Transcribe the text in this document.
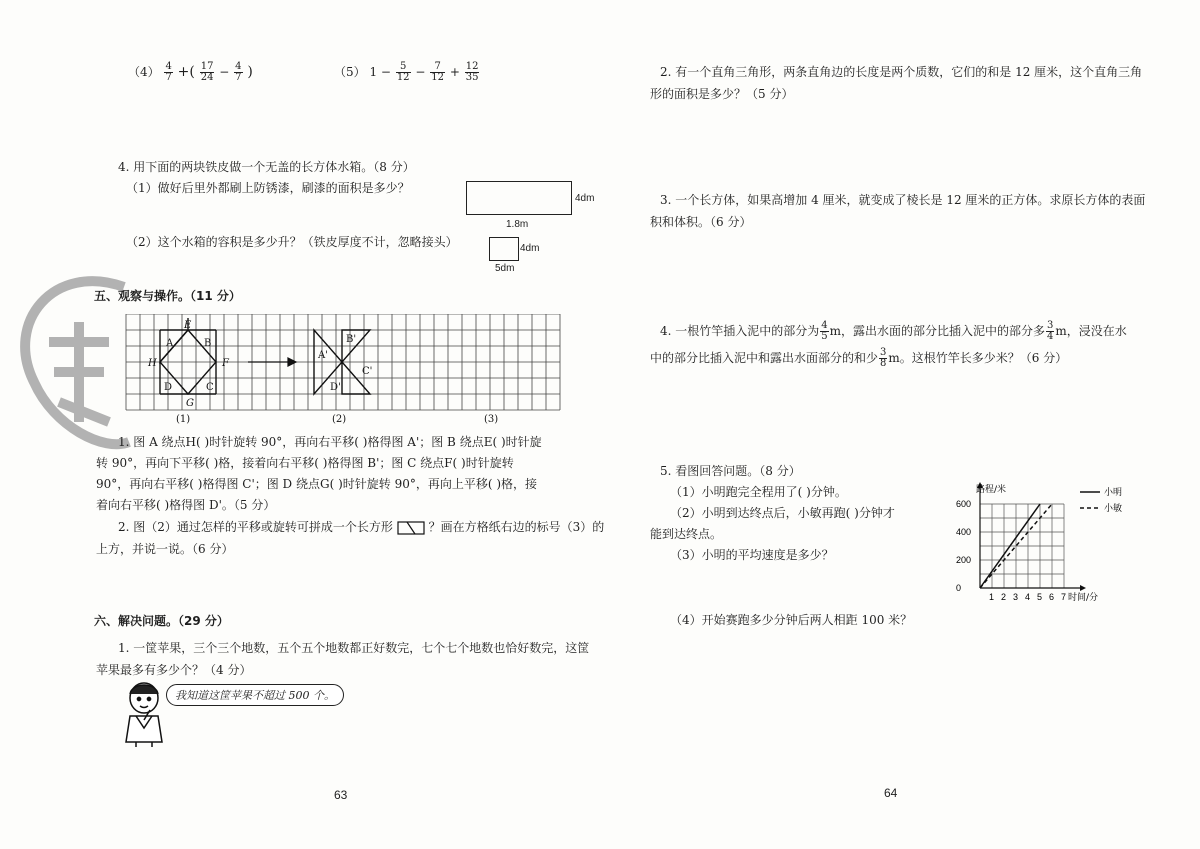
$(4) \frac{4}{7}$ +( $\frac{17}{24} - \frac{4}{7}$ )	（5） $1 - \frac{5}{12} - \frac{7}{12} + \frac{12}{35}$
4. 用下面的两块铁皮做一个无盖的长方体水箱。（8 分）
（1）做好后里外都刷上防锈漆，刷漆的面积是多少？
（2）这个水箱的容积是多少升？（铁皮厚度不计，忽略接头）
4dm
1.8m
4dm
5dm
五、观察与操作。（11 分）
A	B
C
D
E
F
G
H
A'
B'
C'
D'
(1)	(2)	(3)
1. 图 A 绕点H( )时针旋转 90°，再向右平移( )格得图 A'；图 B 绕点E( )时针旋
转 90°，再向下平移( )格，接着向右平移( )格得图 B'；图 C 绕点F( )时针旋转
90°，再向右平移( )格得图 C'；图 D 绕点G( )时针旋转 90°，再向上平移( )格，接
着向右平移( )格得图 D'。（5 分）
2. 图（2）通过怎样的平移或旋转可拼成一个长方形	？画在方格纸右边的标号（3）的
上方，并说一说。（6 分）
六、解决问题。（29 分）
1. 一筐苹果，三个三个地数，五个五个地数都正好数完，七个七个地数也恰好数完，这筐
苹果最多有多少个？（4 分）
我知道这筐苹果不超过 500 个。
63
2. 有一个直角三角形，两条直角边的长度是两个质数，它们的和是 12 厘米，这个直角三角
形的面积是多少？（5 分）
3. 一个长方体，如果高增加 4 厘米，就变成了棱长是 12 厘米的正方体。求原长方体的表面
积和体积。（6 分）
4. 一根竹竿插入泥中的部分为 $\frac{4}{5}$ m，露出水面的部分比插入泥中的部分多 $\frac{3}{4}$ m，浸没在水
中的部分比插入泥中和露出水面部分的和少 $\frac{3}{8}$ m。这根竹竿长多少米？（6 分）
5. 看图回答问题。（8 分）
（1）小明跑完全程用了( )分钟。
（2）小明到达终点后，小敏再跑( )分钟才
能到达终点。
（3）小明的平均速度是多少？
（4）开始赛跑多少分钟后两人相距 100 米？
1 2 3 4 5 6 7
0
200
400
600
路程/米
时间/分
小明
小敏
64
